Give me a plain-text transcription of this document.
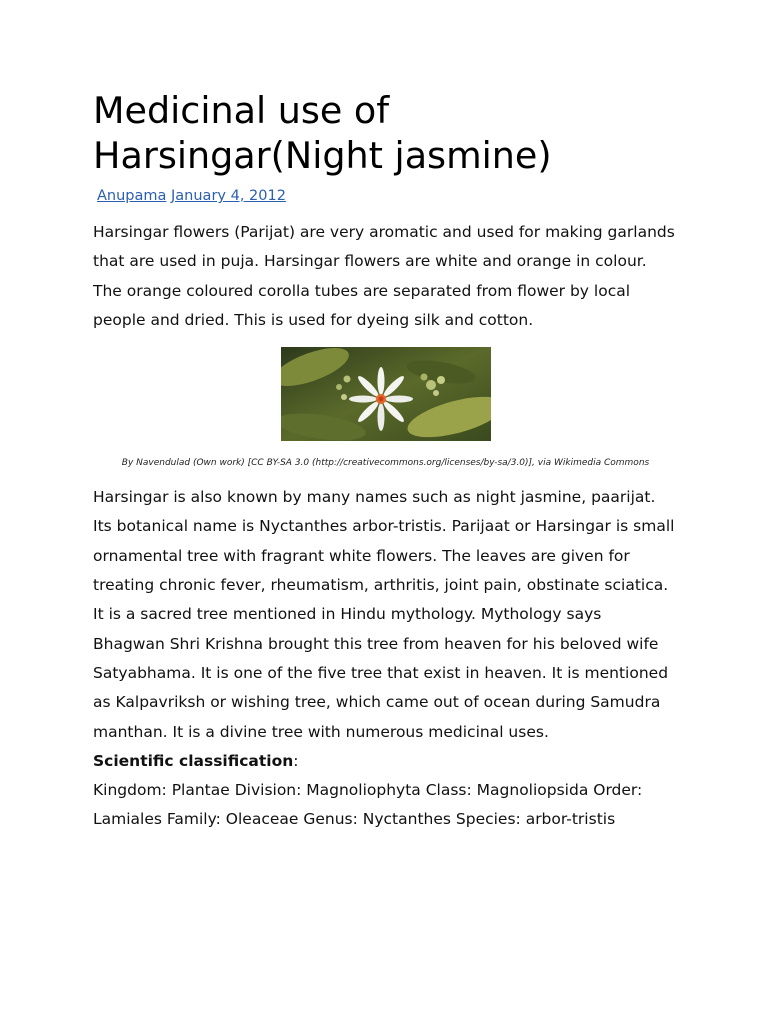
Medicinal use of
Harsingar(Night jasmine)
Anupama January 4, 2012

Harsingar flowers (Parijat) are very aromatic and used for making garlands that are used in puja. Harsingar flowers are white and orange in colour. The orange coloured corolla tubes are separated from flower by local people and dried. This is used for dyeing silk and cotton.

By Navendulad (Own work) [CC BY-SA 3.0 (http://creativecommons.org/licenses/by-sa/3.0)], via Wikimedia Commons

Harsingar is also known by many names such as night jasmine, paarijat. Its botanical name is Nyctanthes arbor-tristis. Parijaat or Harsingar is small ornamental tree with fragrant white flowers. The leaves are given for treating chronic fever, rheumatism, arthritis, joint pain, obstinate sciatica. It is a sacred tree mentioned in Hindu mythology. Mythology says Bhagwan Shri Krishna brought this tree from heaven for his beloved wife Satyabhama. It is one of the five tree that exist in heaven. It is mentioned as Kalpavriksh or wishing tree, which came out of ocean during Samudra manthan. It is a divine tree with numerous medicinal uses.

Scientific classification:

Kingdom: Plantae Division: Magnoliophyta Class: Magnoliopsida Order: Lamiales Family: Oleaceae Genus: Nyctanthes Species: arbor-tristis
